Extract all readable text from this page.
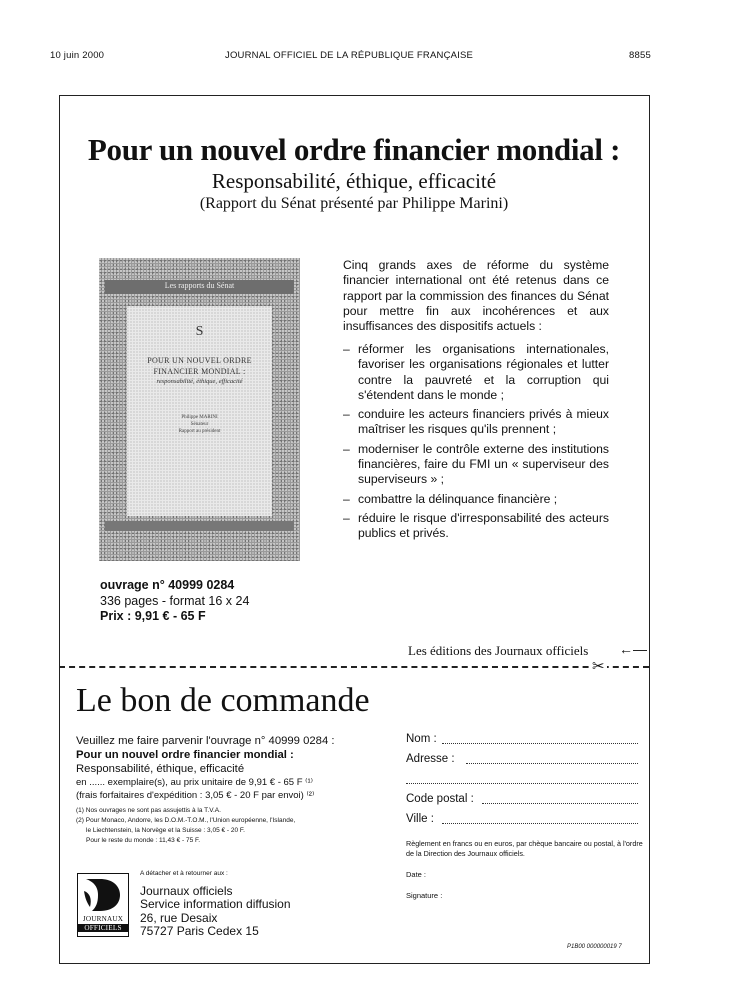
10 juin 2000	JOURNAL OFFICIEL DE LA RÉPUBLIQUE FRANÇAISE	8855
Pour un nouvel ordre financier mondial :
Responsabilité, éthique, efficacité
(Rapport du Sénat présenté par Philippe Marini)
Les rapports du Sénat
S
POUR UN NOUVEL ORDRE
FINANCIER MONDIAL :
responsabilité, éthique, efficacité
Philippe MARINI
Sénateur
Rapport au président

Cinq grands axes de réforme du système financier international ont été retenus dans ce rapport par la commission des finances du Sénat pour mettre fin aux incohérences et aux insuffisances des dispositifs actuels :

– réformer les organisations internationales, favoriser les organisations régionales et lutter contre la pauvreté et la corruption qui s'étendent dans le monde ;
– conduire les acteurs financiers privés à mieux maîtriser les risques qu'ils prennent ;
– moderniser le contrôle externe des institutions financières, faire du FMI un « superviseur des superviseurs » ;
– combattre la délinquance financière ;
– réduire le risque d'irresponsabilité des acteurs publics et privés.
ouvrage n° 40999 0284
336 pages - format 16 x 24
Prix : 9,91 € - 65 F
Les éditions des Journaux officiels ←—
✂
Le bon de commande
Veuillez me faire parvenir l'ouvrage n° 40999 0284 :
Pour un nouvel ordre financier mondial :
Responsabilité, éthique, efficacité
en ...... exemplaire(s), au prix unitaire de 9,91 € - 65 F ⁽¹⁾
(frais forfaitaires d'expédition : 3,05 € - 20 F par envoi) ⁽²⁾
(1) Nos ouvrages ne sont pas assujettis à la T.V.A.
(2) Pour Monaco, Andorre, les D.O.M.-T.O.M., l'Union européenne, l'Islande,
le Liechtenstein, la Norvège et la Suisse : 3,05 € - 20 F.
Pour le reste du monde : 11,43 € - 75 F.
A détacher et à retourner aux :
JOURNAUX
OFFICIELS
Journaux officiels
Service information diffusion
26, rue Desaix
75727 Paris Cedex 15
Nom :
Adresse :
Code postal :
Ville :
Règlement en francs ou en euros, par chèque bancaire ou postal, à l'ordre de la Direction des Journaux officiels.
Date :
Signature :
P1B00 000000019 7
